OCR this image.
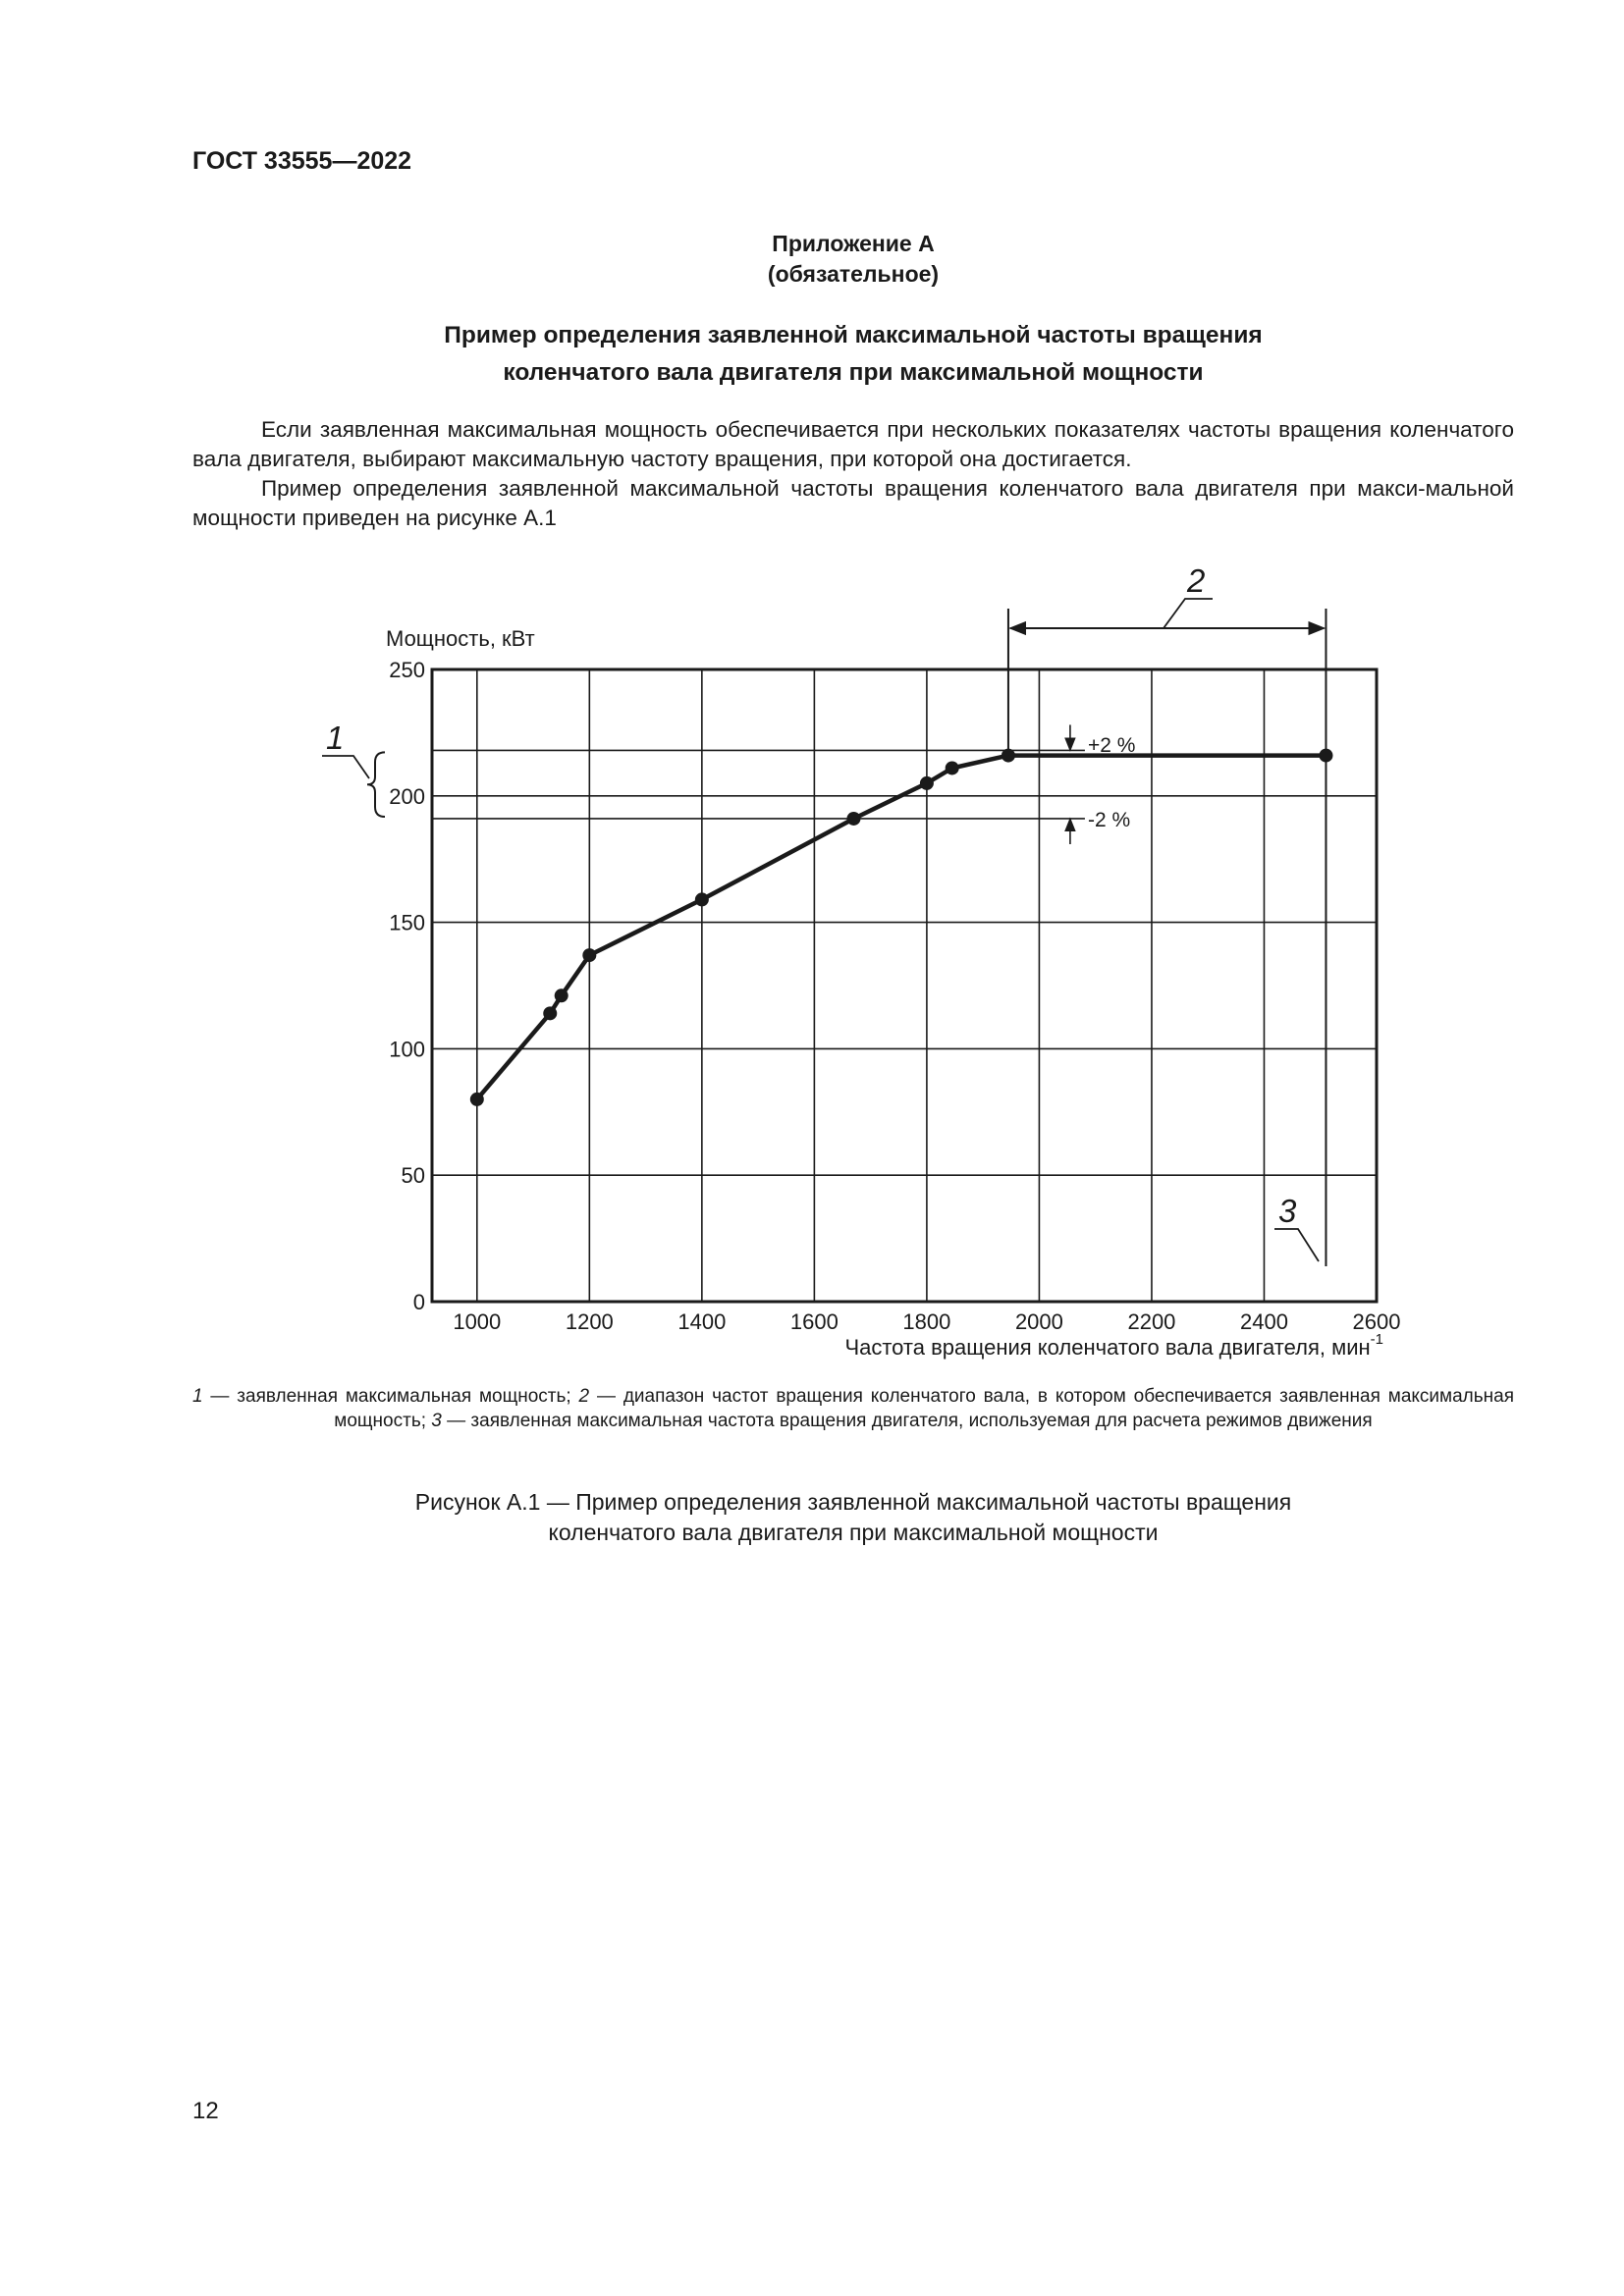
ГОСТ 33555—2022
Приложение А
(обязательное)
Пример определения заявленной максимальной частоты вращения
коленчатого вала двигателя при максимальной мощности

Если заявленная максимальная мощность обеспечивается при нескольких показателях частоты вращения коленчатого вала двигателя, выбирают максимальную частоту вращения, при которой она достигается.

Пример определения заявленной максимальной частоты вращения коленчатого вала двигателя при макси-мальной мощности приведен на рисунке А.1

1000	1200	1400	1600	1800	2000	2200	2400	2600
0
50
100
150
200
250
Мощность, кВт
Частота вращения коленчатого вала двигателя, мин$^{-1}$
1
2
3
+2 %
-2 %
1 — заявленная максимальная мощность; 2 — диапазон частот вращения коленчатого вала, в котором обеспечивается заявленная максимальная мощность; 3 — заявленная максимальная частота вращения двигателя, используемая для расчета режимов движения
Рисунок А.1 — Пример определения заявленной максимальной частоты вращения
коленчатого вала двигателя при максимальной мощности
12
